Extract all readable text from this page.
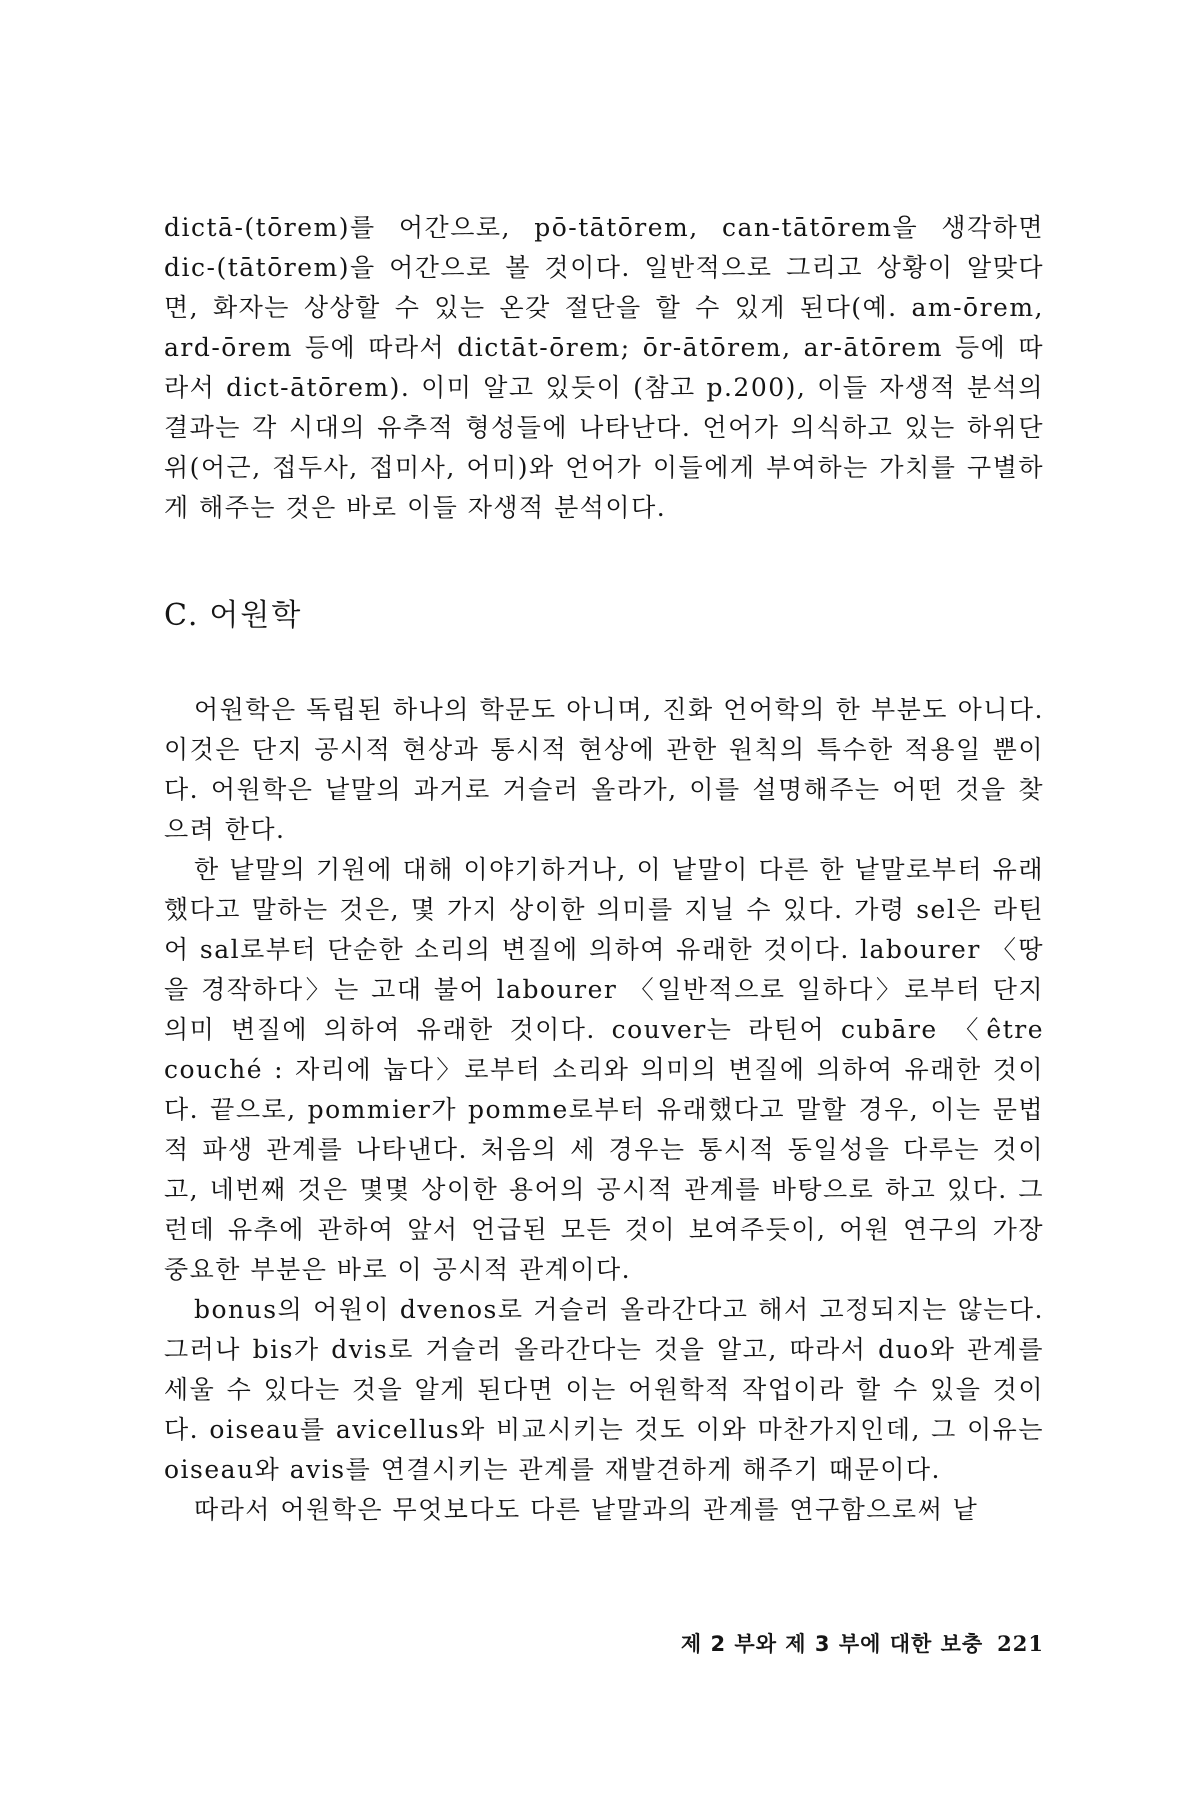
dictā-(tōrem)를 어간으로, pō-tātōrem, can-tātōrem을 생각하면 dic-(tātōrem)을 어간으로 볼 것이다. 일반적으로 그리고 상황이 알맞다면, 화자는 상상할 수 있는 온갖 절단을 할 수 있게 된다(예. am-ōrem, ard-ōrem 등에 따라서 dictāt-ōrem; ōr-ātōrem, ar-ātōrem 등에 따라서 dict-ātōrem). 이미 알고 있듯이 (참고 p.200), 이들 자생적 분석의 결과는 각 시대의 유추적 형성들에 나타난다. 언어가 의식하고 있는 하위단위(어근, 접두사, 접미사, 어미)와 언어가 이들에게 부여하는 가치를 구별하게 해주는 것은 바로 이들 자생적 분석이다.

C. 어원학

어원학은 독립된 하나의 학문도 아니며, 진화 언어학의 한 부분도 아니다. 이것은 단지 공시적 현상과 통시적 현상에 관한 원칙의 특수한 적용일 뿐이다. 어원학은 낱말의 과거로 거슬러 올라가, 이를 설명해주는 어떤 것을 찾으려 한다.

한 낱말의 기원에 대해 이야기하거나, 이 낱말이 다른 한 낱말로부터 유래했다고 말하는 것은, 몇 가지 상이한 의미를 지닐 수 있다. 가령 sel은 라틴어 sal로부터 단순한 소리의 변질에 의하여 유래한 것이다. labourer 〈땅을 경작하다〉는 고대 불어 labourer 〈일반적으로 일하다〉로부터 단지 의미 변질에 의하여 유래한 것이다. couver는 라틴어 cubāre 〈être couché : 자리에 눕다〉로부터 소리와 의미의 변질에 의하여 유래한 것이다. 끝으로, pommier가 pomme로부터 유래했다고 말할 경우, 이는 문법적 파생 관계를 나타낸다. 처음의 세 경우는 통시적 동일성을 다루는 것이고, 네번째 것은 몇몇 상이한 용어의 공시적 관계를 바탕으로 하고 있다. 그런데 유추에 관하여 앞서 언급된 모든 것이 보여주듯이, 어원 연구의 가장 중요한 부분은 바로 이 공시적 관계이다.

bonus의 어원이 dvenos로 거슬러 올라간다고 해서 고정되지는 않는다. 그러나 bis가 dvis로 거슬러 올라간다는 것을 알고, 따라서 duo와 관계를 세울 수 있다는 것을 알게 된다면 이는 어원학적 작업이라 할 수 있을 것이다. oiseau를 avicellus와 비교시키는 것도 이와 마찬가지인데, 그 이유는 oiseau와 avis를 연결시키는 관계를 재발견하게 해주기 때문이다.

따라서 어원학은 무엇보다도 다른 낱말과의 관계를 연구함으로써 낱

제 2 부와 제 3 부에 대한 보충 221
